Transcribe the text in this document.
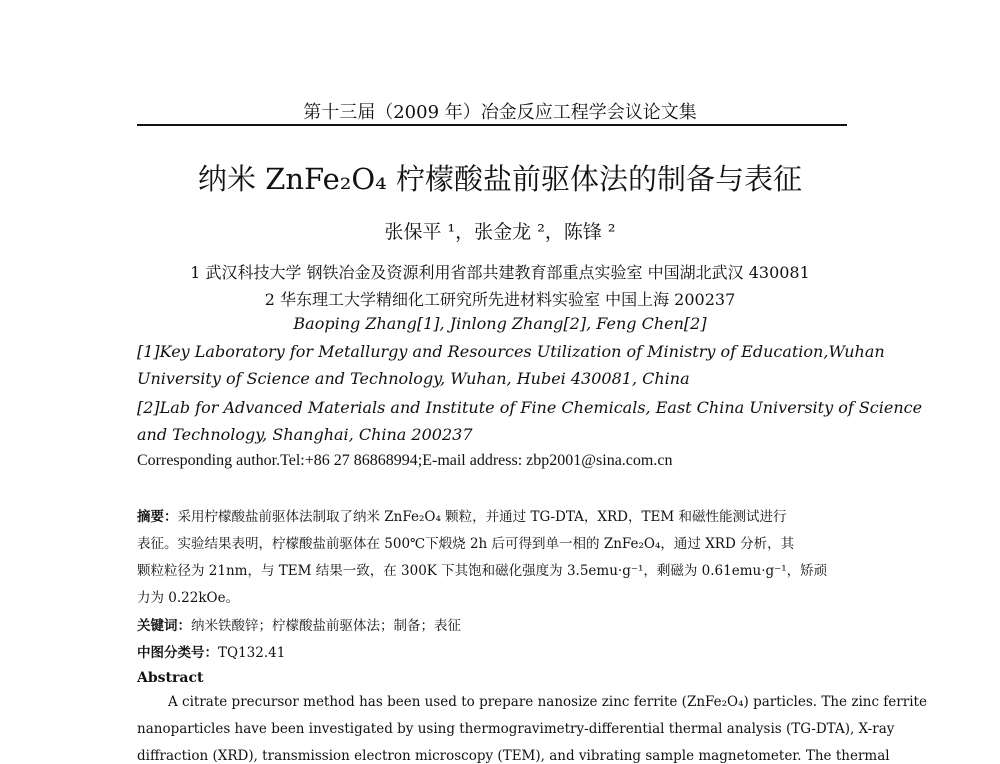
第十三届（2009 年）冶金反应工程学会议论文集
纳米 ZnFe₂O₄ 柠檬酸盐前驱体法的制备与表征
张保平 ¹，张金龙 ²，陈锋 ²
1 武汉科技大学 钢铁冶金及资源利用省部共建教育部重点实验室 中国湖北武汉 430081
2 华东理工大学精细化工研究所先进材料实验室 中国上海 200237
Baoping Zhang[1], Jinlong Zhang[2], Feng Chen[2]
[1]Key Laboratory for Metallurgy and Resources Utilization of Ministry of Education,Wuhan
University of Science and Technology, Wuhan, Hubei 430081, China
[2]Lab for Advanced Materials and Institute of Fine Chemicals, East China University of Science
and Technology, Shanghai, China 200237
Corresponding author.Tel:+86 27 86868994;E-mail address: zbp2001@sina.com.cn
摘要：采用柠檬酸盐前驱体法制取了纳米 ZnFe₂O₄ 颗粒，并通过 TG-DTA，XRD，TEM 和磁性能测试进行
表征。实验结果表明，柠檬酸盐前驱体在 500℃下煅烧 2h 后可得到单一相的 ZnFe₂O₄，通过 XRD 分析，其
颗粒粒径为 21nm，与 TEM 结果一致，在 300K 下其饱和磁化强度为 3.5emu·g⁻¹，剩磁为 0.61emu·g⁻¹，矫顽
力为 0.22kOe。
关键词：纳米铁酸锌；柠檬酸盐前驱体法；制备；表征
中图分类号：TQ132.41
Abstract
A citrate precursor method has been used to prepare nanosize zinc ferrite (ZnFe₂O₄) particles. The zinc ferrite
nanoparticles have been investigated by using thermogravimetry-differential thermal analysis (TG-DTA), X-ray
diffraction (XRD), transmission electron microscopy (TEM), and vibrating sample magnetometer. The thermal
